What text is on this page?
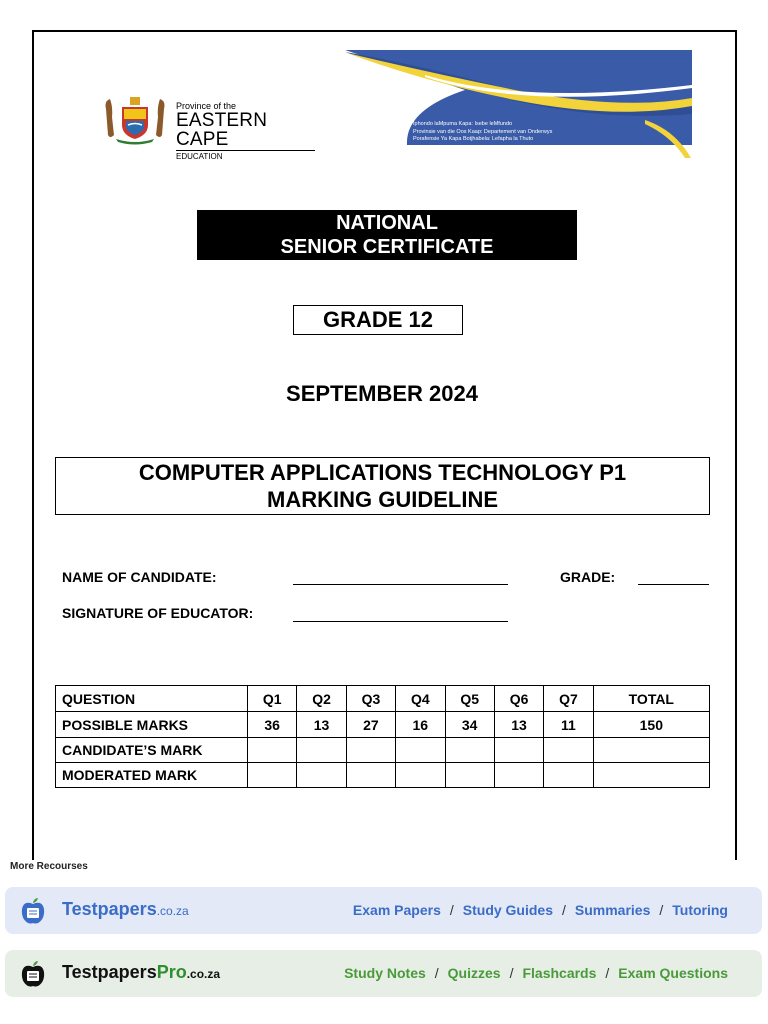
Province of the
EASTERN CAPE
EDUCATION
Iphondo laMpuma Kapa: Isebe leMfundo
Provinsie van die Oos Kaap: Departement van Onderwys
Porafensie Ya Kapa Botjhabela: Lefapha la Thuto
NATIONAL
SENIOR CERTIFICATE
GRADE 12
SEPTEMBER 2024
COMPUTER APPLICATIONS TECHNOLOGY P1
MARKING GUIDELINE
NAME OF CANDIDATE:	GRADE:
SIGNATURE OF EDUCATOR:
QUESTION	Q1	Q2	Q3	Q4	Q5	Q6	Q7	TOTAL
POSSIBLE MARKS	36	13	27	16	34	13	11	150
CANDIDATE’S MARK								
MODERATED MARK								
More Recourses
Testpapers.co.za	Exam Papers / Study Guides / Summaries / Tutoring
TestpapersPro.co.za	Study Notes / Quizzes / Flashcards / Exam Questions
